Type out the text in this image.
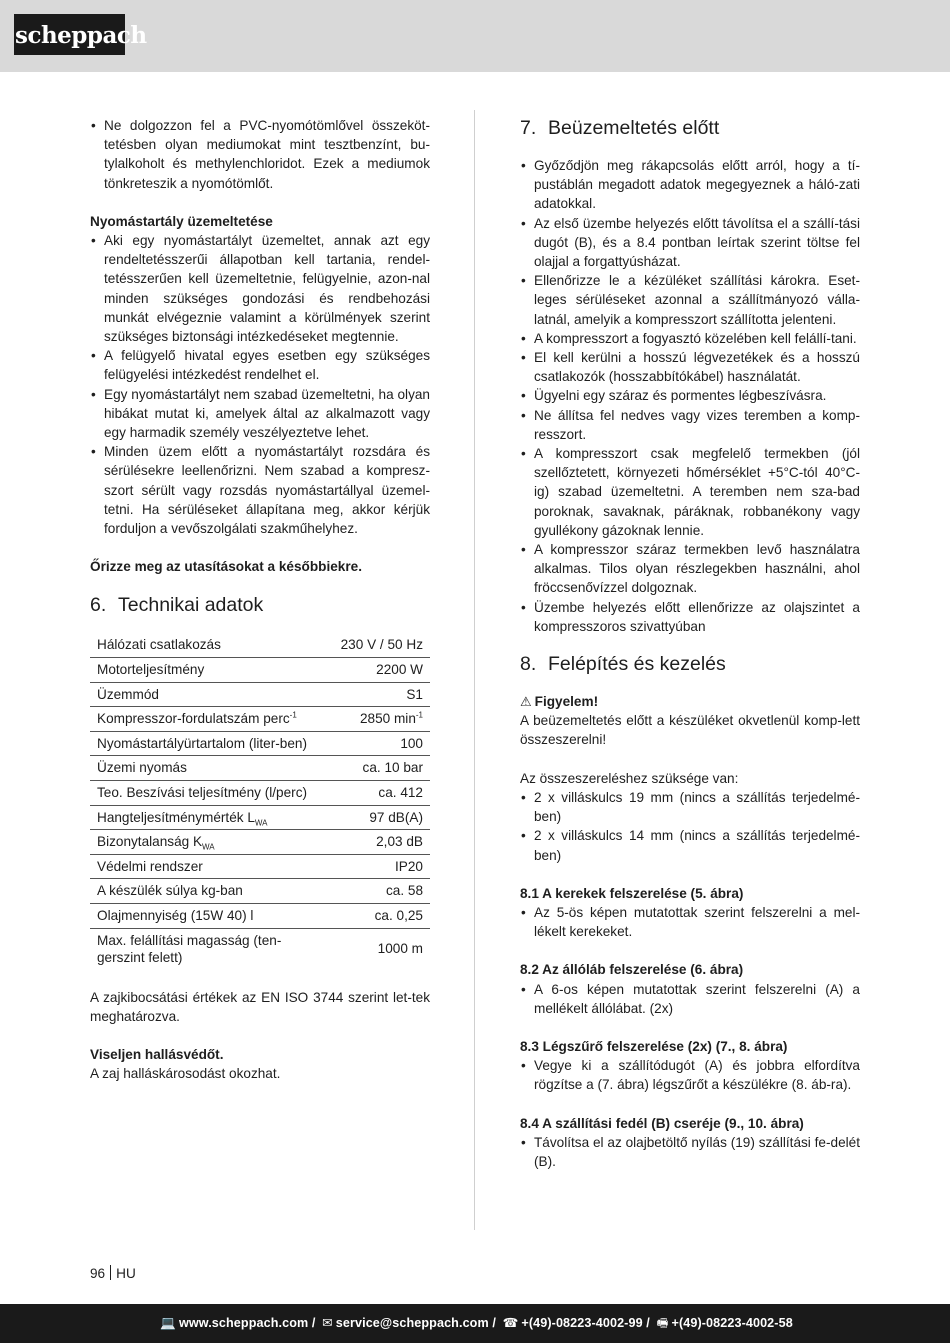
scheppach
• Ne dolgozzon fel a PVC-nyomótömlővel összeköt-tetésben olyan mediumokat mint tesztbenzínt, bu-tylalkoholt és methylenchloridot. Ezek a mediumok tönkreteszik a nyomótömlőt.

Nyomástartály üzemeltetése

• Aki egy nyomástartályt üzemeltet, annak azt egy rendeltetésszerűi állapotban kell tartania, rendel-tetésszerűen kell üzemeltetnie, felügyelnie, azon-nal minden szükséges gondozási és rendbehozási munkát elvégeznie valamint a körülmények szerint szükséges biztonsági intézkedéseket megtennie.
• A felügyelő hivatal egyes esetben egy szükséges felügyelési intézkedést rendelhet el.
• Egy nyomástartályt nem szabad üzemeltetni, ha olyan hibákat mutat ki, amelyek által az alkalmazott vagy egy harmadik személy veszélyeztetve lehet.
• Minden üzem előtt a nyomástartályt rozsdára és sérülésekre leellenőrizni. Nem szabad a kompresz-szort sérült vagy rozsdás nyomástartállyal üzemel-tetni. Ha sérüléseket állapítana meg, akkor kérjük forduljon a vevőszolgálati szakműhelyhez.

Őrizze meg az utasításokat a későbbiekre.

6. Technikai adatok
Hálózati csatlakozás	230 V / 50 Hz
Motorteljesítmény	2200 W
Üzemmód	S1
Kompresszor-fordulatszám perc$^{-1}$	2850 $\min^{-1}$
Nyomástartályürtartalom (liter-ben)	100
Üzemi nyomás	ca. 10 bar
Teo. Beszívási teljesítmény (l/perc)	ca. 412
Hangteljesítménymérték $L_{WA}$	97 dB(A)
Bizonytalanság $K_{WA}$	2,03 dB
Védelmi rendszer	IP20
A készülék súlya kg-ban	ca. 58
Olajmennyiség (15W 40) l	ca. 0,25
Max. felállítási magasság (ten-gerszint felett)	1000 m

A zajkibocsátási értékek az EN ISO 3744 szerint let-tek meghatározva.

Viseljen hallásvédőt.

A zaj halláskárosodást okozhat.

7. Beüzemeltetés előtt
• Győződjön meg rákapcsolás előtt arról, hogy a tí-pustáblán megadott adatok megegyeznek a háló-zati adatokkal.
• Az első üzembe helyezés előtt távolítsa el a szállí-tási dugót (B), és a 8.4 pontban leírtak szerint töltse fel olajjal a forgattyúsházat.
• Ellenőrizze le a kézüléket szállítási károkra. Eset-leges sérüléseket azonnal a szállítmányozó válla-latnál, amelyik a kompresszort szállította jelenteni.
• A kompresszort a fogyasztó közelében kell felállí-tani.
• El kell kerülni a hosszú légvezetékek és a hosszú csatlakozók (hosszabbítókábel) használatát.
• Ügyelni egy száraz és pormentes légbeszívásra.
• Ne állítsa fel nedves vagy vizes teremben a komp-resszort.
• A kompresszort csak megfelelő termekben (jól szellőztetett, környezeti hőmérséklet +5°C-tól 40°C-ig) szabad üzemeltetni. A teremben nem sza-bad poroknak, savaknak, páráknak, robbanékony vagy gyullékony gázoknak lennie.
• A kompresszor száraz termekben levő használatra alkalmas. Tilos olyan részlegekben használni, ahol fröccsenővízzel dolgoznak.
• Üzembe helyezés előtt ellenőrizze az olajszintet a kompresszoros szivattyúban
8. Felépítés és kezelés

⚠ Figyelem!

A beüzemeltetés előtt a készüléket okvetlenül komp-lett összeszerelni!

Az összeszereléshez szüksége van:

• 2 x villáskulcs 19 mm (nincs a szállítás terjedelmé-ben)
• 2 x villáskulcs 14 mm (nincs a szállítás terjedelmé-ben)

8.1 A kerekek felszerelése (5. ábra)

• Az 5-ös képen mutatottak szerint felszerelni a mel-lékelt kerekeket.

8.2 Az állóláb felszerelése (6. ábra)

• A 6-os képen mutatottak szerint felszerelni (A) a mellékelt állólábat. (2x)

8.3 Légszűrő felszerelése (2x) (7., 8. ábra)

• Vegye ki a szállítódugót (A) és jobbra elfordítva rögzítse a (7. ábra) légszűrőt a készülékre (8. áb-ra).

8.4 A szállítási fedél (B) cseréje (9., 10. ábra)

• Távolítsa el az olajbetöltő nyílás (19) szállítási fe-delét (B).
96 HU
💻 www.scheppach.com / ✉ service@scheppach.com / ☎ +(49)-08223-4002-99 / 🖷 +(49)-08223-4002-58
